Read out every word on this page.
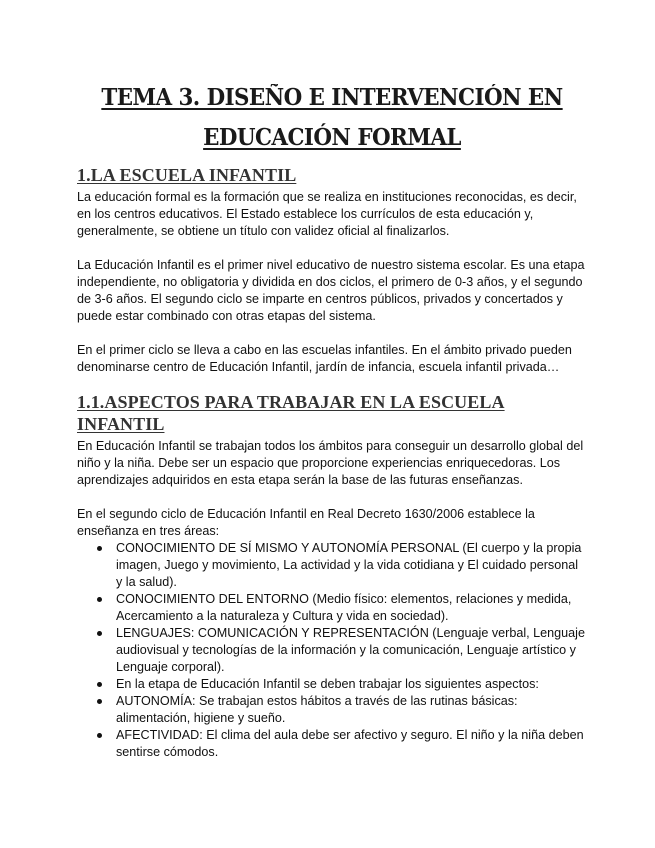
TEMA 3. DISEÑO E INTERVENCIÓN EN
EDUCACIÓN FORMAL
1.LA ESCUELA INFANTIL

La educación formal es la formación que se realiza en instituciones reconocidas, es decir, en los centros educativos. El Estado establece los currículos de esta educación y, generalmente, se obtiene un título con validez oficial al finalizarlos.

La Educación Infantil es el primer nivel educativo de nuestro sistema escolar. Es una etapa independiente, no obligatoria y dividida en dos ciclos, el primero de 0-3 años, y el segundo de 3-6 años. El segundo ciclo se imparte en centros públicos, privados y concertados y puede estar combinado con otras etapas del sistema.

En el primer ciclo se lleva a cabo en las escuelas infantiles. En el ámbito privado pueden denominarse centro de Educación Infantil, jardín de infancia, escuela infantil privada…

1.1.ASPECTOS PARA TRABAJAR EN LA ESCUELA INFANTIL

En Educación Infantil se trabajan todos los ámbitos para conseguir un desarrollo global del niño y la niña. Debe ser un espacio que proporcione experiencias enriquecedoras. Los aprendizajes adquiridos en esta etapa serán la base de las futuras enseñanzas.

En el segundo ciclo de Educación Infantil en Real Decreto 1630/2006 establece la enseñanza en tres áreas:

CONOCIMIENTO DE SÍ MISMO Y AUTONOMÍA PERSONAL (El cuerpo y la propia imagen, Juego y movimiento, La actividad y la vida cotidiana y El cuidado personal y la salud).
CONOCIMIENTO DEL ENTORNO (Medio físico: elementos, relaciones y medida, Acercamiento a la naturaleza y Cultura y vida en sociedad).
LENGUAJES: COMUNICACIÓN Y REPRESENTACIÓN (Lenguaje verbal, Lenguaje audiovisual y tecnologías de la información y la comunicación, Lenguaje artístico y Lenguaje corporal).
En la etapa de Educación Infantil se deben trabajar los siguientes aspectos:
AUTONOMÍA: Se trabajan estos hábitos a través de las rutinas básicas: alimentación, higiene y sueño.
AFECTIVIDAD: El clima del aula debe ser afectivo y seguro. El niño y la niña deben sentirse cómodos.
